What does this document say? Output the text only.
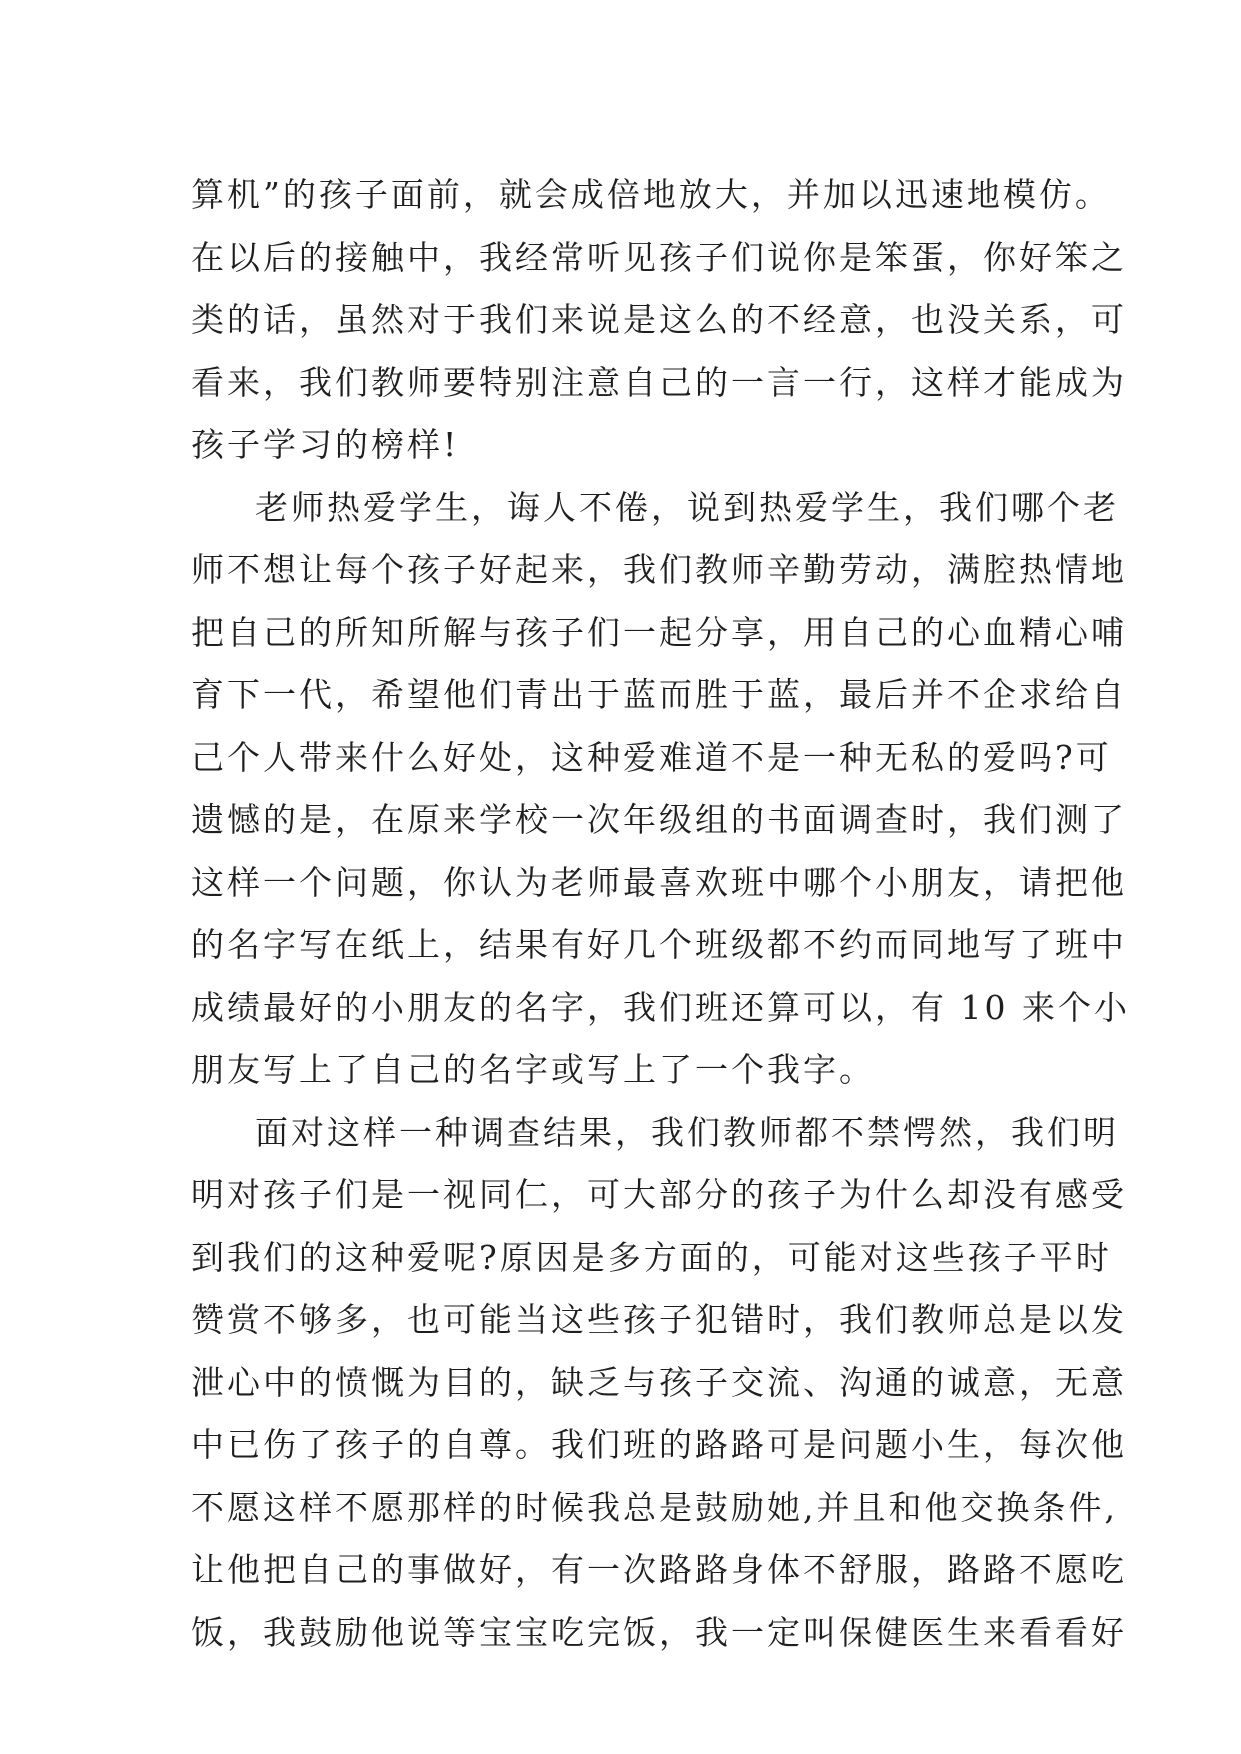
算机”的孩子面前，就会成倍地放大，并加以迅速地模仿。
在以后的接触中，我经常听见孩子们说你是笨蛋，你好笨之
类的话，虽然对于我们来说是这么的不经意，也没关系，可
看来，我们教师要特别注意自己的一言一行，这样才能成为
孩子学习的榜样!
老师热爱学生，诲人不倦，说到热爱学生，我们哪个老
师不想让每个孩子好起来，我们教师辛勤劳动，满腔热情地
把自己的所知所解与孩子们一起分享，用自己的心血精心哺
育下一代，希望他们青出于蓝而胜于蓝，最后并不企求给自
己个人带来什么好处，这种爱难道不是一种无私的爱吗?可
遗憾的是，在原来学校一次年级组的书面调查时，我们测了
这样一个问题，你认为老师最喜欢班中哪个小朋友，请把他
的名字写在纸上，结果有好几个班级都不约而同地写了班中
成绩最好的小朋友的名字，我们班还算可以，有 10 来个小
朋友写上了自己的名字或写上了一个我字。
面对这样一种调查结果，我们教师都不禁愕然，我们明
明对孩子们是一视同仁，可大部分的孩子为什么却没有感受
到我们的这种爱呢?原因是多方面的，可能对这些孩子平时
赞赏不够多，也可能当这些孩子犯错时，我们教师总是以发
泄心中的愤慨为目的，缺乏与孩子交流、沟通的诚意，无意
中已伤了孩子的自尊。我们班的路路可是问题小生，每次他
不愿这样不愿那样的时候我总是鼓励她,并且和他交换条件,
让他把自己的事做好，有一次路路身体不舒服，路路不愿吃
饭，我鼓励他说等宝宝吃完饭，我一定叫保健医生来看看好
